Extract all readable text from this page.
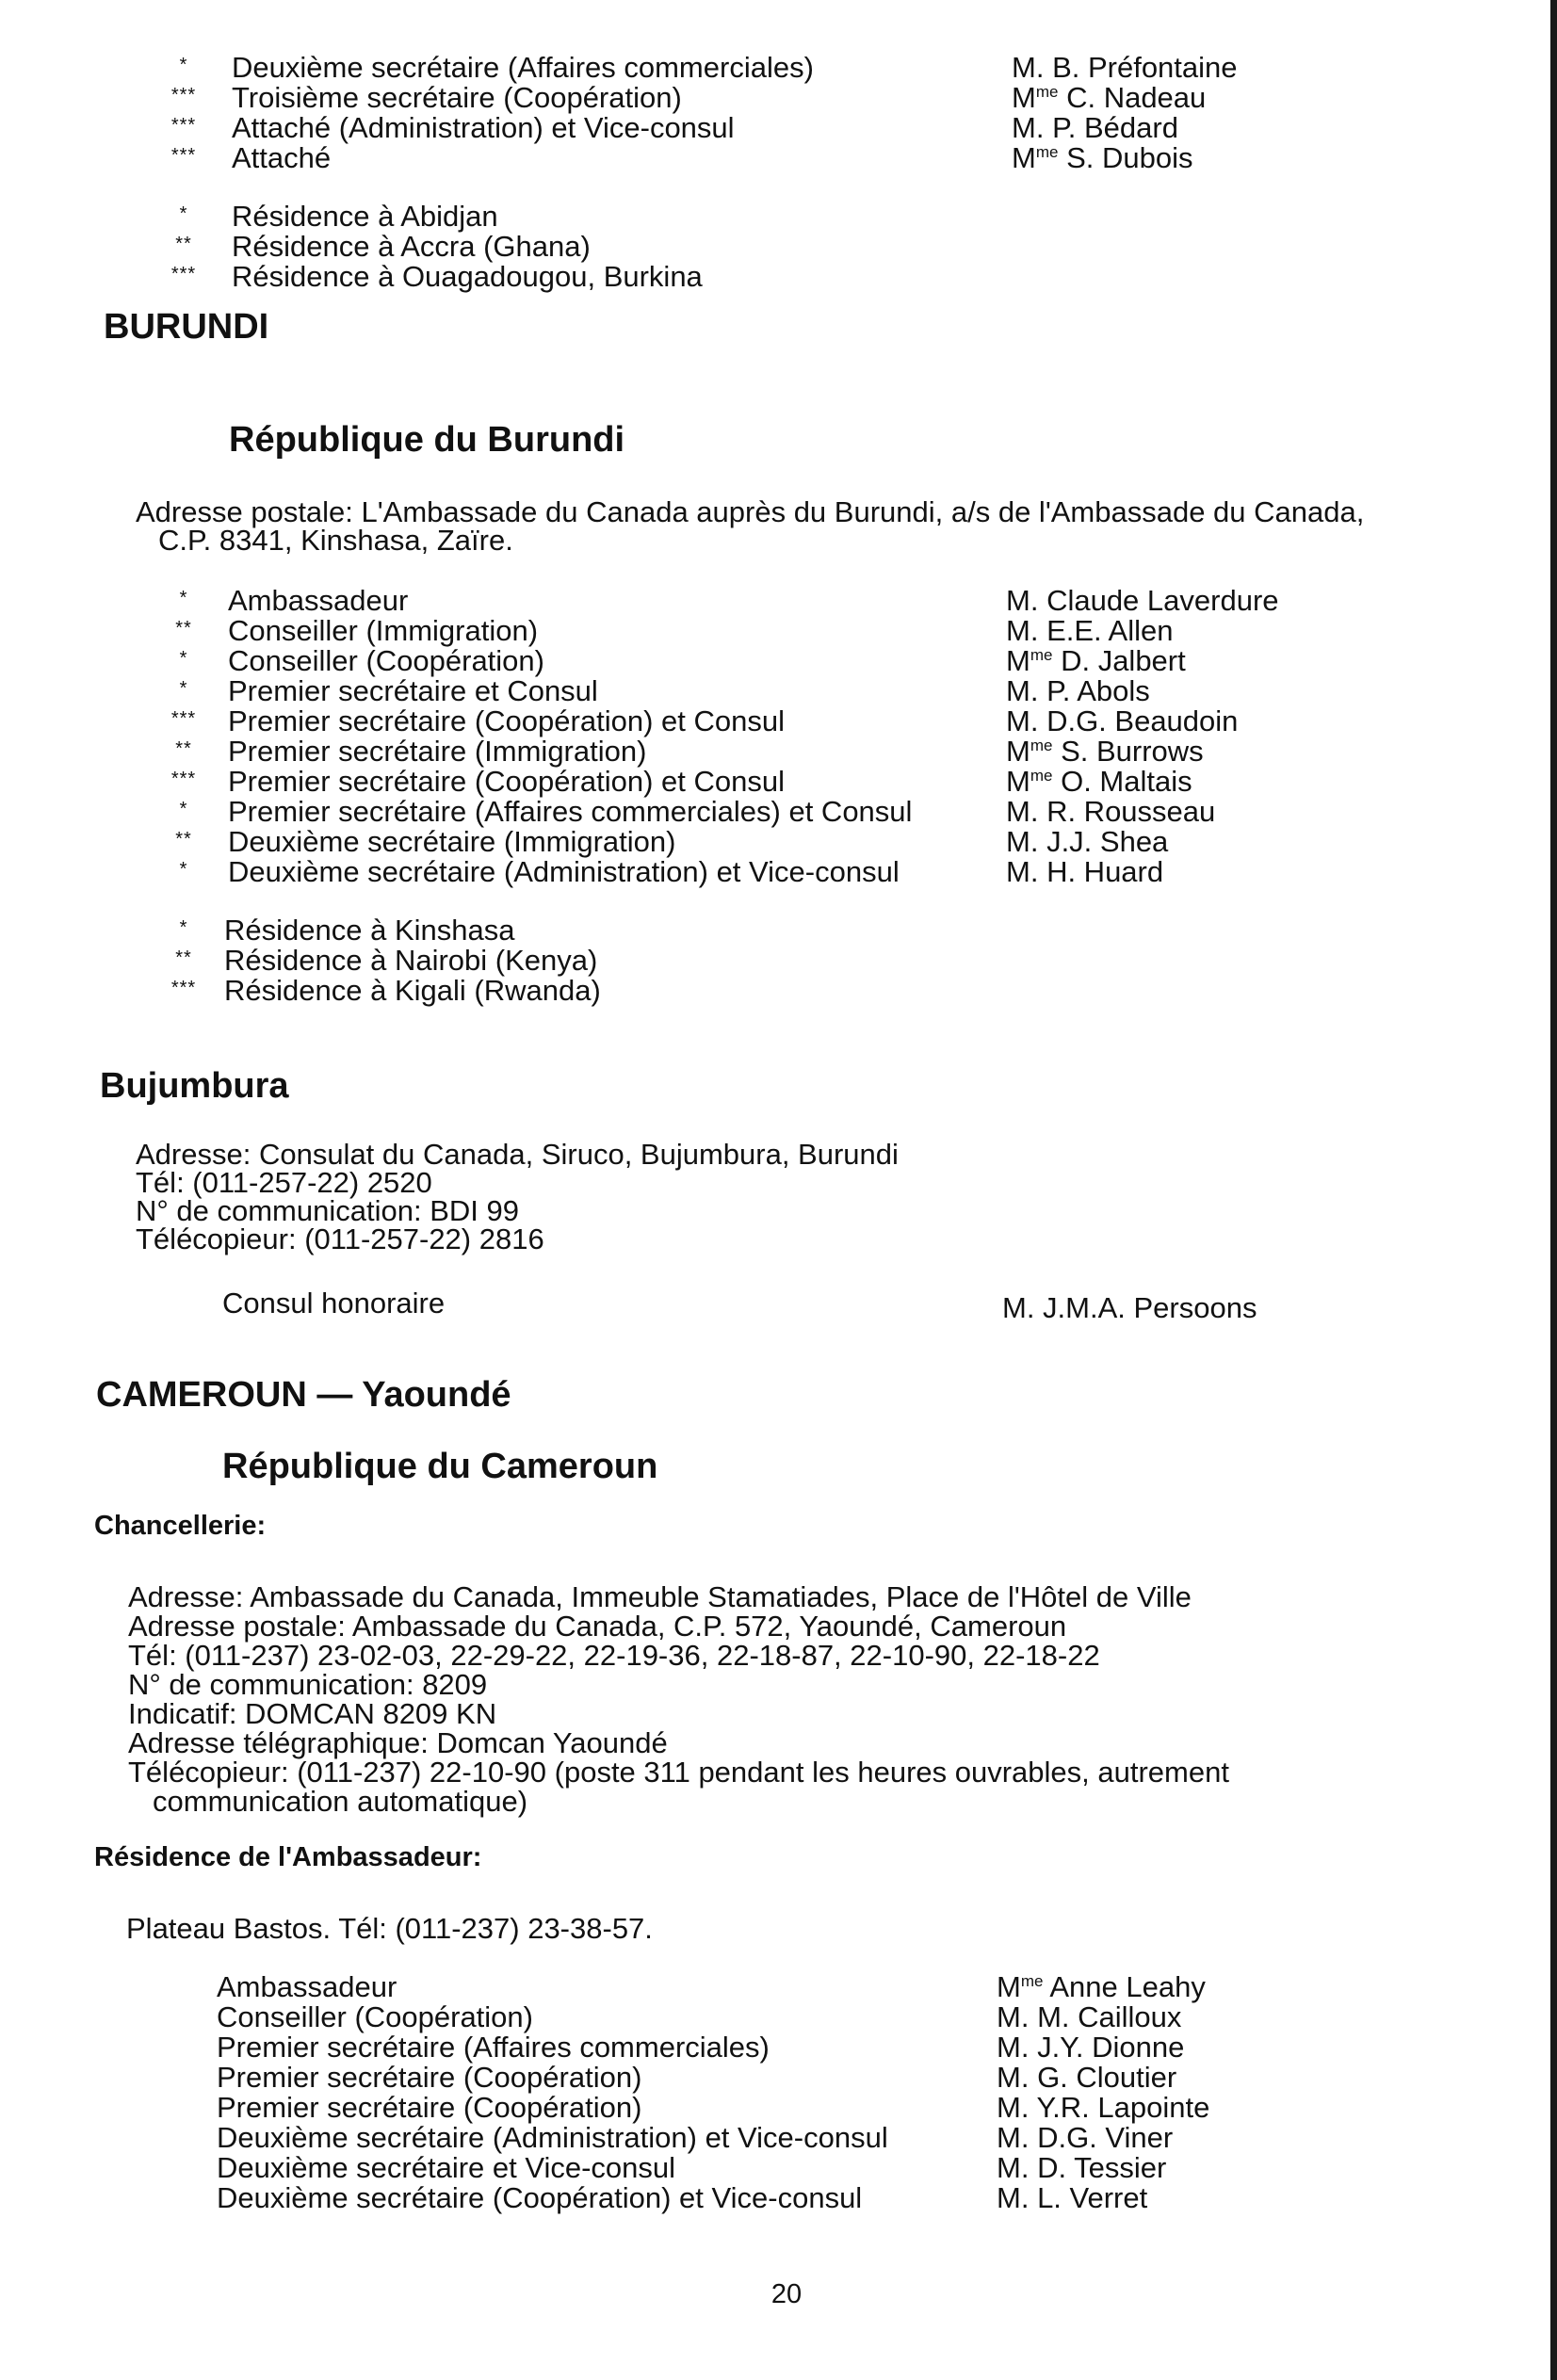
*	Deuxième secrétaire (Affaires commerciales)	M. B. Préfontaine
***	Troisième secrétaire (Coopération)	$M^{me}$ C. Nadeau
***	Attaché (Administration) et Vice-consul	M. P. Bédard
***	Attaché	$M^{me}$ S. Dubois
*	Résidence à Abidjan
**	Résidence à Accra (Ghana)
***	Résidence à Ouagadougou, Burkina
BURUNDI
République du Burundi
Adresse postale: L'Ambassade du Canada auprès du Burundi, a/s de l'Ambassade du Canada,
C.P. 8341, Kinshasa, Zaïre.
*	Ambassadeur	M. Claude Laverdure
**	Conseiller (Immigration)	M. E.E. Allen
*	Conseiller (Coopération)	$M^{me}$ D. Jalbert
*	Premier secrétaire et Consul	M. P. Abols
***	Premier secrétaire (Coopération) et Consul	M. D.G. Beaudoin
**	Premier secrétaire (Immigration)	$M^{me}$ S. Burrows
***	Premier secrétaire (Coopération) et Consul	$M^{me}$ O. Maltais
*	Premier secrétaire (Affaires commerciales) et Consul	M. R. Rousseau
**	Deuxième secrétaire (Immigration)	M. J.J. Shea
*	Deuxième secrétaire (Administration) et Vice-consul	M. H. Huard
*	Résidence à Kinshasa
**	Résidence à Nairobi (Kenya)
*** Résidence à Kigali (Rwanda)
Bujumbura
Adresse: Consulat du Canada, Siruco, Bujumbura, Burundi
Tél: (011-257-22) 2520
N° de communication: BDI 99
Télécopieur: (011-257-22) 2816
Consul honoraire	M. J.M.A. Persoons
CAMEROUN — Yaoundé
République du Cameroun
Chancellerie:
Adresse: Ambassade du Canada, Immeuble Stamatiades, Place de l'Hôtel de Ville
Adresse postale: Ambassade du Canada, C.P. 572, Yaoundé, Cameroun
Tél: (011-237) 23-02-03, 22-29-22, 22-19-36, 22-18-87, 22-10-90, 22-18-22
N° de communication: 8209
Indicatif: DOMCAN 8209 KN
Adresse télégraphique: Domcan Yaoundé
Télécopieur: (011-237) 22-10-90 (poste 311 pendant les heures ouvrables, autrement
communication automatique)
Résidence de l'Ambassadeur:
Plateau Bastos. Tél: (011-237) 23-38-57.
Ambassadeur	$M^{me}$ Anne Leahy
Conseiller (Coopération)	M. M. Cailloux
Premier secrétaire (Affaires commerciales)	M. J.Y. Dionne
Premier secrétaire (Coopération)	M. G. Cloutier
Premier secrétaire (Coopération)	M. Y.R. Lapointe
Deuxième secrétaire (Administration) et Vice-consul	M. D.G. Viner
Deuxième secrétaire et Vice-consul	M. D. Tessier
Deuxième secrétaire (Coopération) et Vice-consul	M. L. Verret
20
